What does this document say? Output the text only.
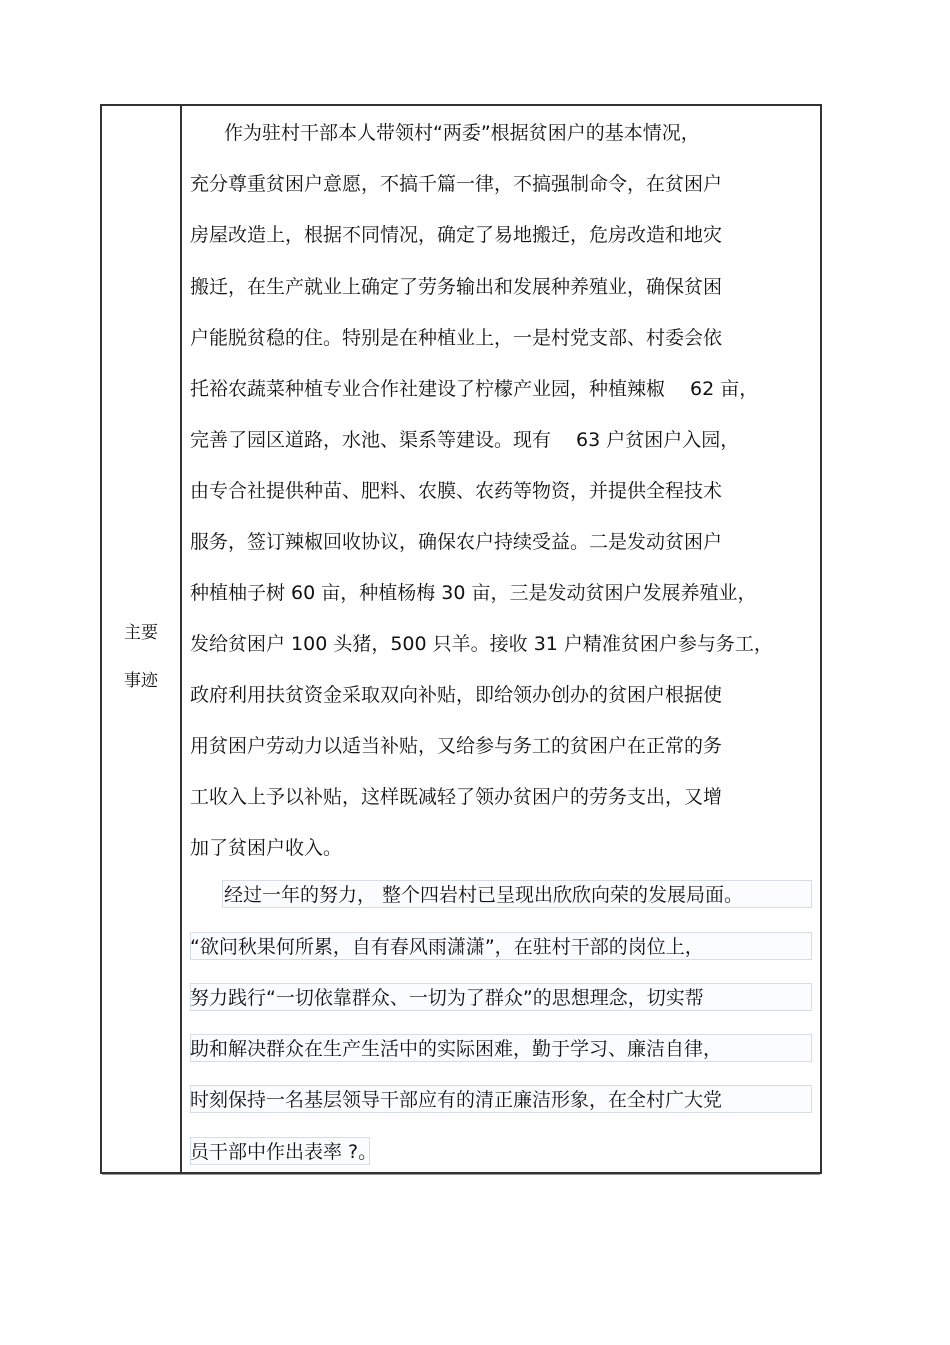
主要
事迹
作为驻村干部本人带领村“两委”根据贫困户的基本情况，
充分尊重贫困户意愿，不搞千篇一律，不搞强制命令，在贫困户
房屋改造上，根据不同情况，确定了易地搬迁，危房改造和地灾
搬迁，在生产就业上确定了劳务输出和发展种养殖业，确保贫困
户能脱贫稳的住。特别是在种植业上，一是村党支部、村委会依
托裕农蔬菜种植专业合作社建设了柠檬产业园，种植辣椒　 62 亩，
完善了园区道路，水池、渠系等建设。现有　 63 户贫困户入园，
由专合社提供种苗、肥料、农膜、农药等物资，并提供全程技术
服务，签订辣椒回收协议，确保农户持续受益。二是发动贫困户
种植柚子树 60 亩，种植杨梅 30 亩，三是发动贫困户发展养殖业，
发给贫困户 100 头猪，500 只羊。接收 31 户精准贫困户参与务工，
政府利用扶贫资金采取双向补贴，即给领办创办的贫困户根据使
用贫困户劳动力以适当补贴，又给参与务工的贫困户在正常的务
工收入上予以补贴，这样既减轻了领办贫困户的劳务支出，又增
加了贫困户收入。
经过一年的努力， 整个四岩村已呈现出欣欣向荣的发展局面。
“欲问秋果何所累，自有春风雨潇潇”，在驻村干部的岗位上，
努力践行“一切依靠群众、一切为了群众”的思想理念，切实帮
助和解决群众在生产生活中的实际困难，勤于学习、廉洁自律，
时刻保持一名基层领导干部应有的清正廉洁形象，在全村广大党
员干部中作出表率 ?。
